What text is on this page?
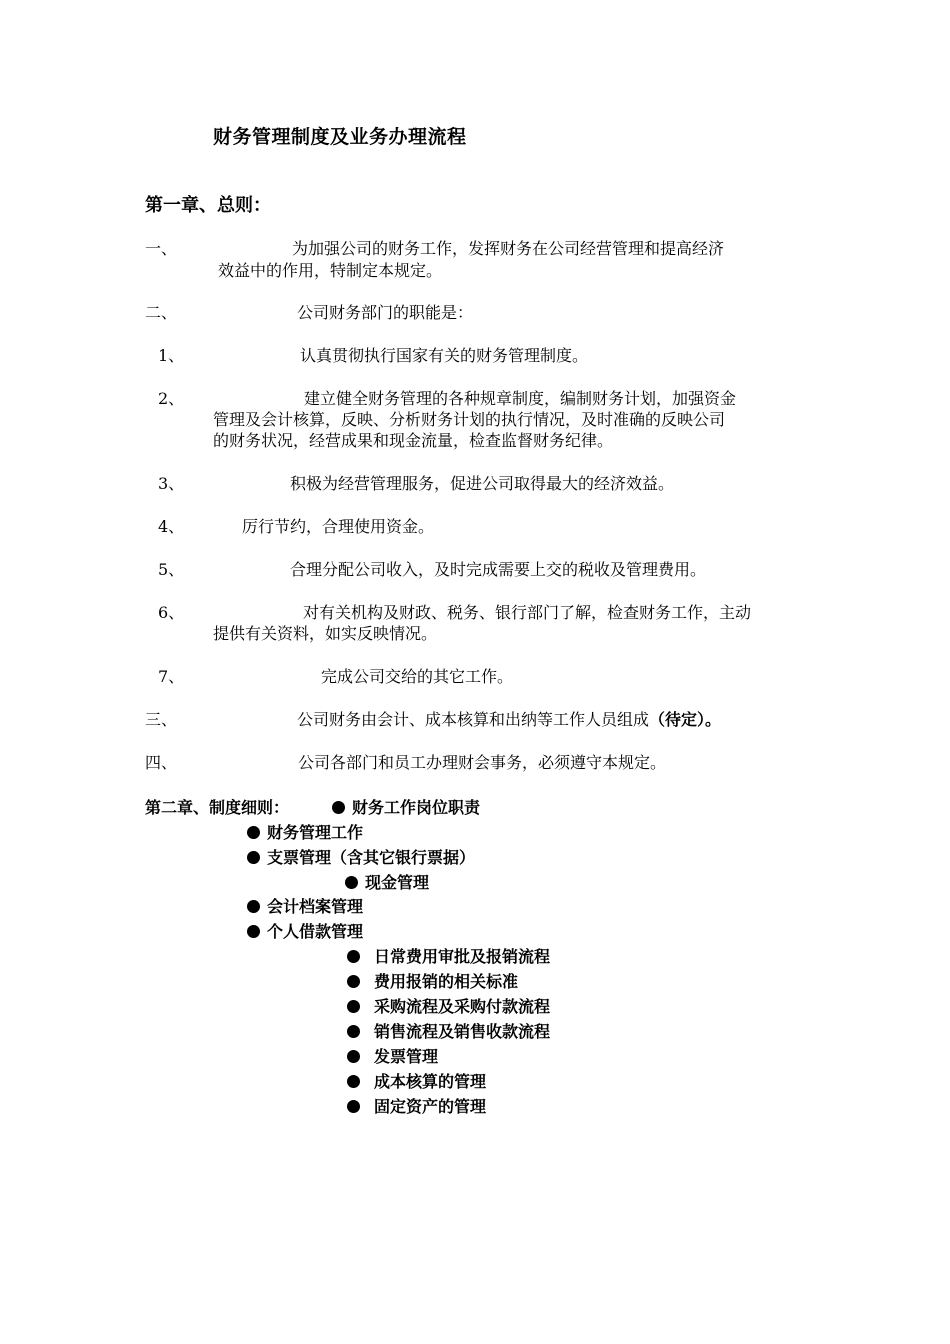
财务管理制度及业务办理流程
第一章、总则：
一、	为加强公司的财务工作，发挥财务在公司经营管理和提高经济
效益中的作用，特制定本规定。
二、	公司财务部门的职能是：
1、	认真贯彻执行国家有关的财务管理制度。
2、	建立健全财务管理的各种规章制度，编制财务计划，加强资金
管理及会计核算，反映、分析财务计划的执行情况，及时准确的反映公司
的财务状况，经营成果和现金流量，检查监督财务纪律。
3、	积极为经营管理服务，促进公司取得最大的经济效益。
4、	厉行节约，合理使用资金。
5、	合理分配公司收入，及时完成需要上交的税收及管理费用。
6、	对有关机构及财政、税务、银行部门了解，检查财务工作，主动
提供有关资料，如实反映情况。
7、	完成公司交给的其它工作。
三、	公司财务由会计、成本核算和出纳等工作人员组成（待定）。
四、	公司各部门和员工办理财会事务，必须遵守本规定。
第二章、制度细则：	财务工作岗位职责
财务管理工作
支票管理（含其它银行票据）
现金管理
会计档案管理
个人借款管理
日常费用审批及报销流程
费用报销的相关标准
采购流程及采购付款流程
销售流程及销售收款流程
发票管理
成本核算的管理
固定资产的管理
